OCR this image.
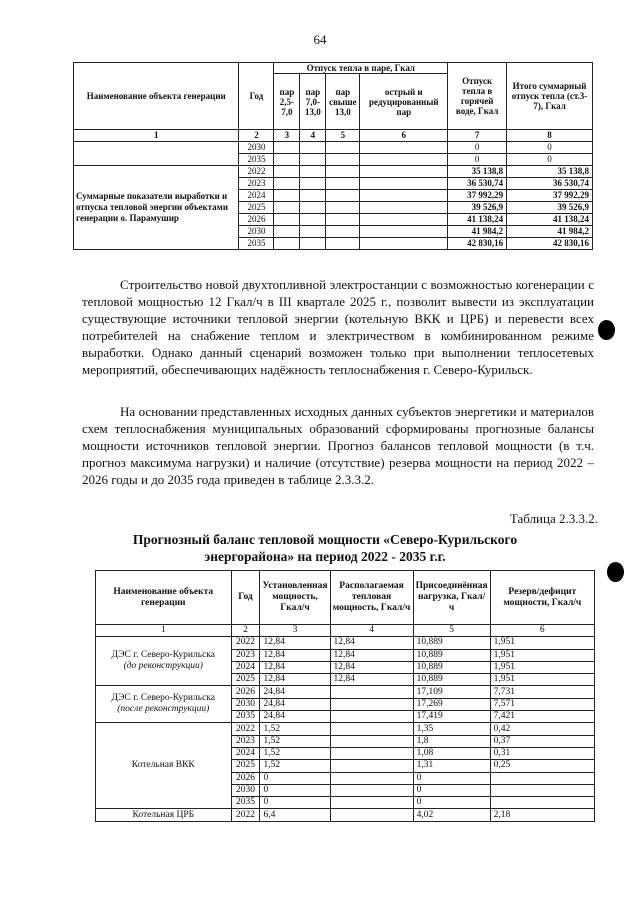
64
Наименование объекта генерации	Год	Отпуск тепла в паре, Гкал				Отпуск тепла в горячей воде, Гкал	Итого суммарный отпуск тепла (ст.3-7), Гкал
		пар 2,5-7,0	пар 7,0-13,0	пар свыше 13,0	острый и редуцированный пар		
1	2	3	4	5	6	7	8
	2030					0	0
	2035					0	0
Суммарные показатели выработки и отпуска тепловой энергии объектами генерации о. Парамушир	2022					35 138,8	35 138,8
	2023					36 530,74	36 530,74
	2024					37 992,29	37 992,29
	2025					39 526,9	39 526,9
	2026					41 138,24	41 138,24
	2030					41 984,2	41 984,2
	2035					42 830,16	42 830,16

Строительство новой двухтопливной электростанции с возможностью когенерации с тепловой мощностью 12 Гкал/ч в III квартале 2025 г., позволит вывести из эксплуатации существующие источники тепловой энергии (котельную ВКК и ЦРБ) и перевести всех потребителей на снабжение теплом и электричеством в комбинированном режиме выработки. Однако данный сценарий возможен только при выполнении теплосетевых мероприятий, обеспечивающих надёжность теплоснабжения г. Северо-Курильск.

На основании представленных исходных данных субъектов энергетики и материалов схем теплоснабжения муниципальных образований сформированы прогнозные балансы мощности источников тепловой энергии. Прогноз балансов тепловой мощности (в т.ч. прогноз максимума нагрузки) и наличие (отсутствие) резерва мощности на период 2022 – 2026 годы и до 2035 года приведен в таблице 2.3.3.2.

Таблица 2.3.3.2.
Прогнозный баланс тепловой мощности «Северо-Курильского энергорайона» на период 2022 - 2035 г.г.
Наименование объекта генерации	Год	Установленная мощность, Гкал/ч	Располагаемая тепловая мощность, Гкал/ч	Присоединённая нагрузка, Гкал/ч	Резерв/дефицит мощности, Гкал/ч
1	2	3	4	5	6

ДЭС г. Северо-Курильска
(до реконструкции)	2022	12,84	12,84	10,889	1,951
	2023	12,84	12,84	10,889	1,951
	2024	12,84	12,84	10,889	1,951
	2025	12,84	12,84	10,889	1,951

ДЭС г. Северо-Курильска
(после реконструкции)	2026	24,84		17,109	7,731
	2030	24,84		17,269	7,571
	2035	24,84		17,419	7,421

Котельная ВКК	2022	1,52		1,35	0,42
	2023	1,52		1,8	0,37
	2024	1,52		1,08	0,31
	2025	1,52		1,31	0,25
	2026	0		0	
	2030	0		0	
	2035	0		0	

Котельная ЦРБ	2022	6,4		4,02	2,18
